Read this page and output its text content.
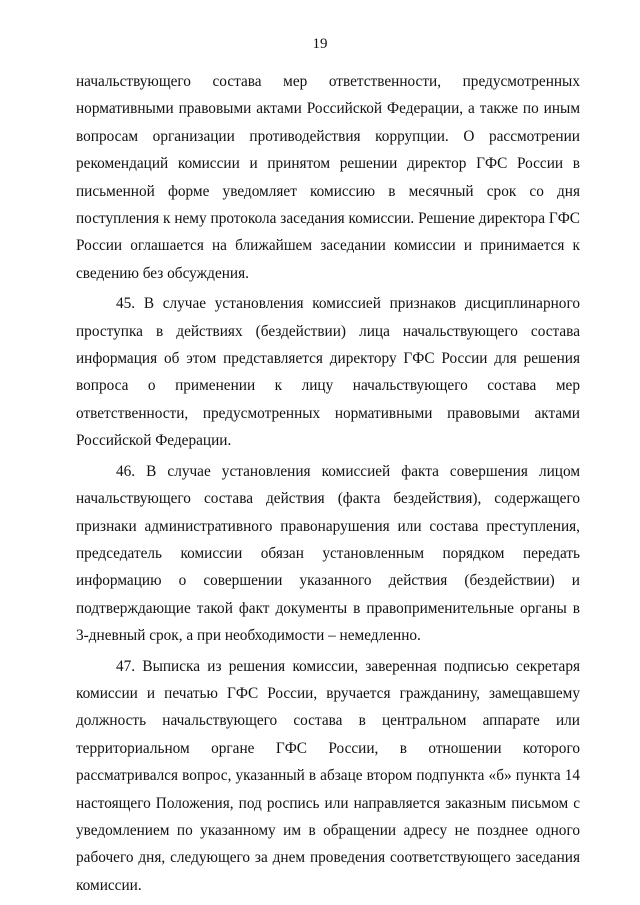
19

начальствующего состава мер ответственности, предусмотренных нормативными правовыми актами Российской Федерации, а также по иным вопросам организации противодействия коррупции. О рассмотрении рекомендаций комиссии и принятом решении директор ГФС России в письменной форме уведомляет комиссию в месячный срок со дня поступления к нему протокола заседания комиссии. Решение директора ГФС России оглашается на ближайшем заседании комиссии и принимается к сведению без обсуждения.

45. В случае установления комиссией признаков дисциплинарного проступка в действиях (бездействии) лица начальствующего состава информация об этом представляется директору ГФС России для решения вопроса о применении к лицу начальствующего состава мер ответственности, предусмотренных нормативными правовыми актами Российской Федерации.

46. В случае установления комиссией факта совершения лицом начальствующего состава действия (факта бездействия), содержащего признаки административного правонарушения или состава преступления, председатель комиссии обязан установленным порядком передать информацию о совершении указанного действия (бездействии) и подтверждающие такой факт документы в правоприменительные органы в 3-дневный срок, а при необходимости – немедленно.

47. Выписка из решения комиссии, заверенная подписью секретаря комиссии и печатью ГФС России, вручается гражданину, замещавшему должность начальствующего состава в центральном аппарате или территориальном органе ГФС России, в отношении которого рассматривался вопрос, указанный в абзаце втором подпункта «б» пункта 14 настоящего Положения, под роспись или направляется заказным письмом с уведомлением по указанному им в обращении адресу не позднее одного рабочего дня, следующего за днем проведения соответствующего заседания комиссии.
